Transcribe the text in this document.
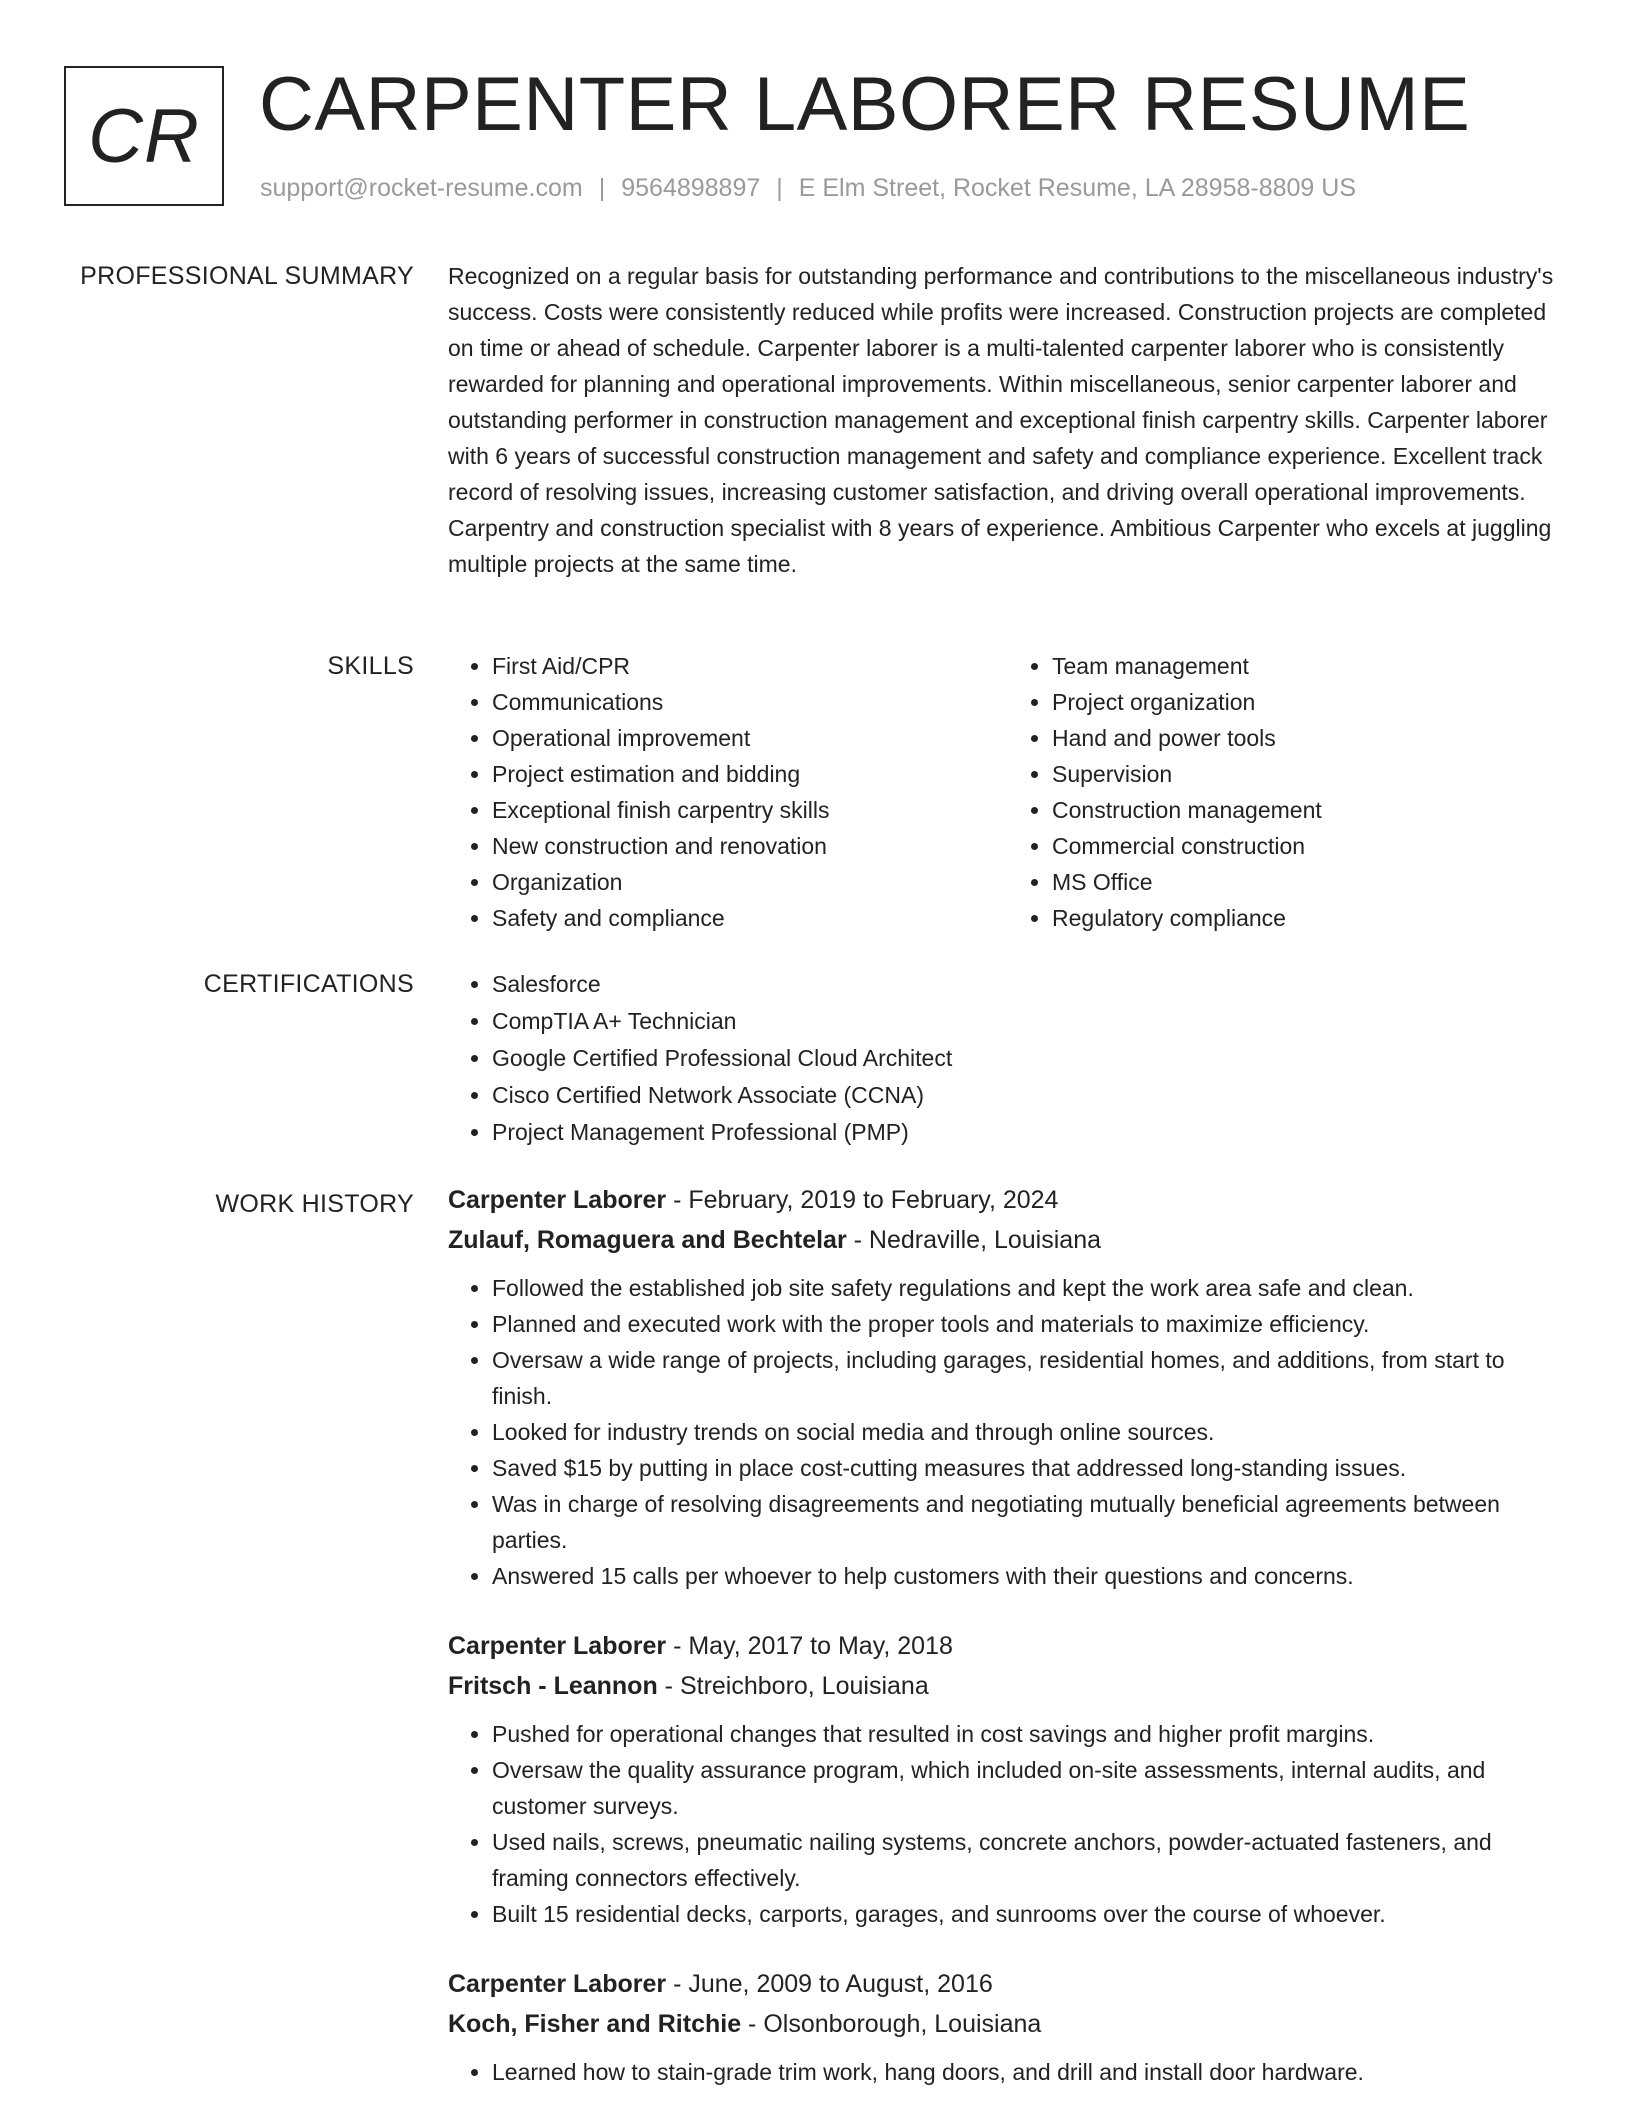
CR CARPENTER LABORER RESUME
support@rocket-resume.com | 9564898897 | E Elm Street, Rocket Resume, LA 28958-8809 US
PROFESSIONAL SUMMARY Recognized on a regular basis for outstanding performance and contributions to the miscellaneous industry's success. Costs were consistently reduced while profits were increased. Construction projects are completed on time or ahead of schedule. Carpenter laborer is a multi-talented carpenter laborer who is consistently rewarded for planning and operational improvements. Within miscellaneous, senior carpenter laborer and outstanding performer in construction management and exceptional finish carpentry skills. Carpenter laborer with 6 years of successful construction management and safety and compliance experience. Excellent track record of resolving issues, increasing customer satisfaction, and driving overall operational improvements. Carpentry and construction specialist with 8 years of experience. Ambitious Carpenter who excels at juggling multiple projects at the same time.
SKILLS	• First Aid/CPR
• Communications
• Operational improvement
• Project estimation and bidding
• Exceptional finish carpentry skills
• New construction and renovation
• Organization
• Safety and compliance
• Team management
• Project organization
• Hand and power tools
• Supervision
• Construction management
• Commercial construction
• MS Office
• Regulatory compliance
CERTIFICATIONS	• Salesforce
• CompTIA A+ Technician
• Google Certified Professional Cloud Architect
• Cisco Certified Network Associate (CCNA)
• Project Management Professional (PMP)
WORK HISTORY Carpenter Laborer - February, 2019 to February, 2024
Zulauf, Romaguera and Bechtelar - Nedraville, Louisiana
• Followed the established job site safety regulations and kept the work area safe and clean.
• Planned and executed work with the proper tools and materials to maximize efficiency.
• Oversaw a wide range of projects, including garages, residential homes, and additions, from start to finish.
• Looked for industry trends on social media and through online sources.
• Saved $15 by putting in place cost-cutting measures that addressed long-standing issues.
• Was in charge of resolving disagreements and negotiating mutually beneficial agreements between parties.
• Answered 15 calls per whoever to help customers with their questions and concerns.
Carpenter Laborer - May, 2017 to May, 2018
Fritsch - Leannon - Streichboro, Louisiana
• Pushed for operational changes that resulted in cost savings and higher profit margins.
• Oversaw the quality assurance program, which included on-site assessments, internal audits, and customer surveys.
• Used nails, screws, pneumatic nailing systems, concrete anchors, powder-actuated fasteners, and framing connectors effectively.
• Built 15 residential decks, carports, garages, and sunrooms over the course of whoever.
Carpenter Laborer - June, 2009 to August, 2016
Koch, Fisher and Ritchie - Olsonborough, Louisiana
• Learned how to stain-grade trim work, hang doors, and drill and install door hardware.
